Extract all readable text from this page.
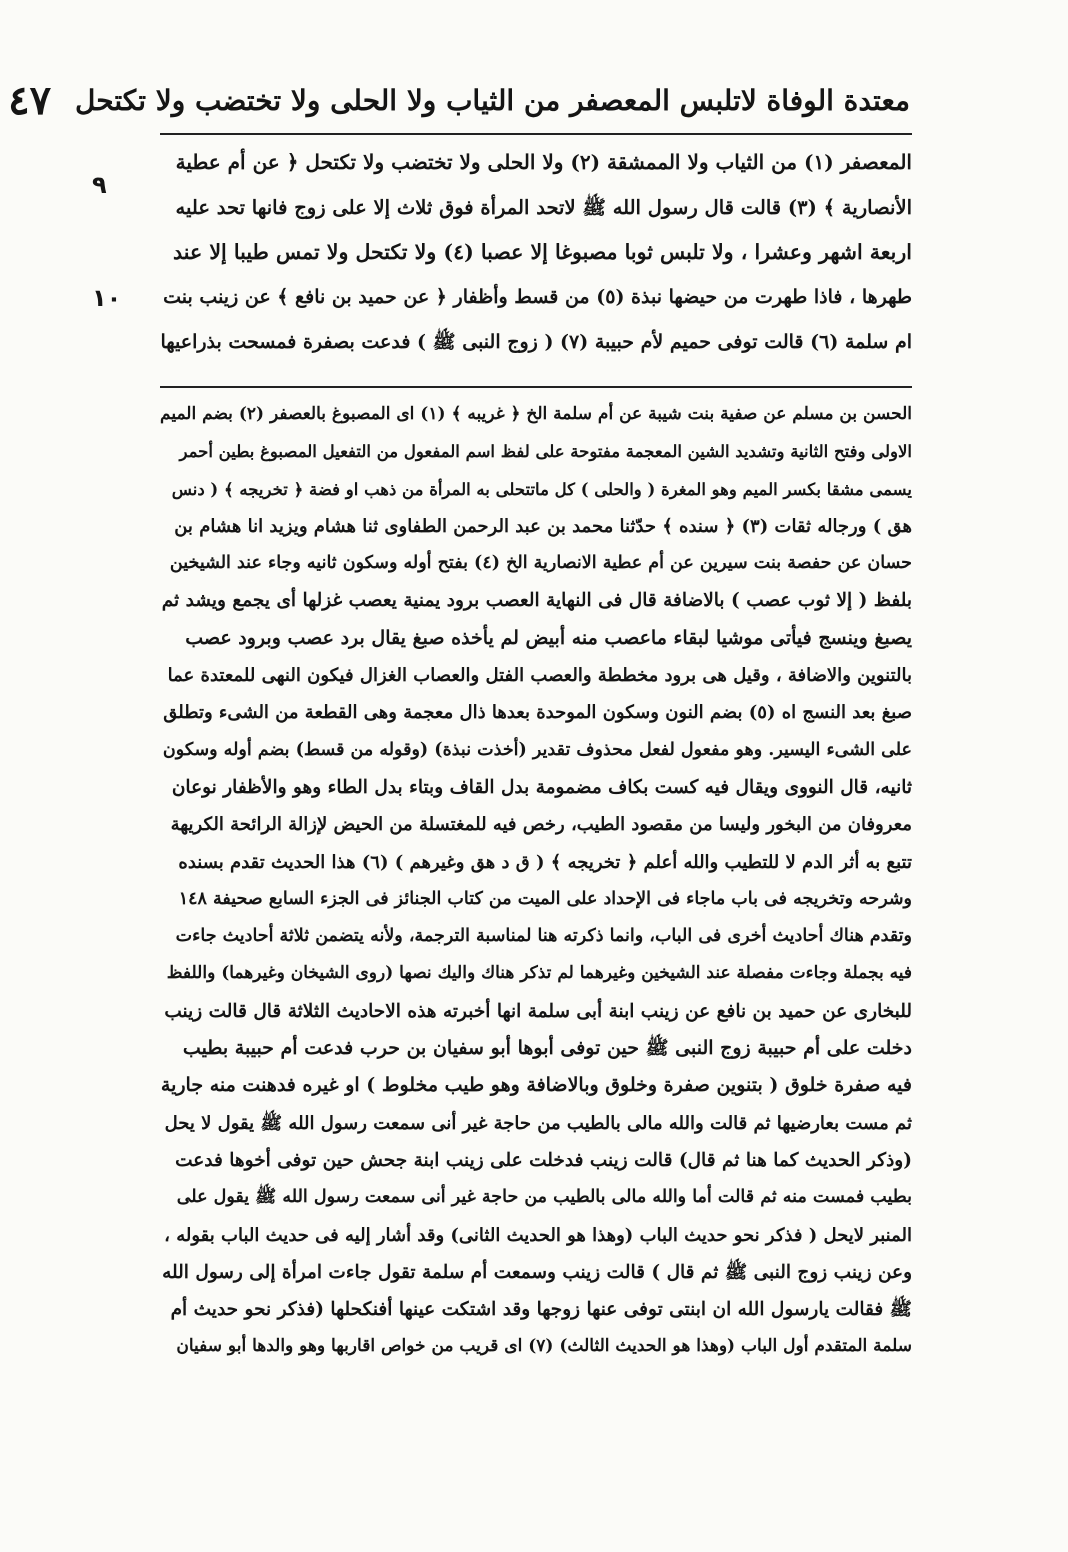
معتدة الوفاة لاتلبس المعصفر من الثياب ولا الحلى ولا تختضب ولا تكتحل
٤٧
٩
١٠
المعصفر (١) من الثياب ولا الممشقة (٢) ولا الحلى ولا تختضب ولا تكتحل ﴿ عن أم عطية
الأنصارية ﴾ (٣) قالت قال رسول الله ﷺ لاتحد المرأة فوق ثلاث إلا على زوج فانها تحد عليه
اربعة اشهر وعشرا ، ولا تلبس ثوبا مصبوغا إلا عصبا (٤) ولا تكتحل ولا تمس طيبا إلا عند
طهرها ، فاذا طهرت من حيضها نبذة (٥) من قسط وأظفار ﴿ عن حميد بن نافع ﴾ عن زينب بنت
ام سلمة (٦) قالت توفى حميم لأم حبيبة (٧) ( زوج النبى ﷺ ) فدعت بصفرة فمسحت بذراعيها
الحسن بن مسلم عن صفية بنت شيبة عن أم سلمة الخ ﴿ غريبه ﴾ (١) اى المصبوغ بالعصفر (٢) بضم الميم
الاولى وفتح الثانية وتشديد الشين المعجمة مفتوحة على لفظ اسم المفعول من التفعيل المصبوغ بطين أحمر
يسمى مشقا بكسر الميم وهو المغرة ( والحلى ) كل ماتتحلى به المرأة من ذهب او فضة ﴿ تخريجه ﴾ ( دنس
هق ) ورجاله ثقات (٣) ﴿ سنده ﴾ حدّثنا محمد بن عبد الرحمن الطفاوى ثنا هشام ويزيد انا هشام بن
حسان عن حفصة بنت سيرين عن أم عطية الانصارية الخ (٤) بفتح أوله وسكون ثانيه وجاء عند الشيخين
بلفظ ( إلا ثوب عصب ) بالاضافة قال فى النهاية العصب برود يمنية يعصب غزلها أى يجمع ويشد ثم
يصبغ وينسج فيأتى موشيا لبقاء ماعصب منه أبيض لم يأخذه صبغ يقال برد عصب وبرود عصب
بالتنوين والاضافة ، وقيل هى برود مخططة والعصب الفتل والعصاب الغزال فيكون النهى للمعتدة عما
صبغ بعد النسج اه (٥) بضم النون وسكون الموحدة بعدها ذال معجمة وهى القطعة من الشىء وتطلق
على الشىء اليسير. وهو مفعول لفعل محذوف تقدير (أخذت نبذة) (وقوله من قسط) بضم أوله وسكون
ثانيه، قال النووى ويقال فيه كست بكاف مضمومة بدل القاف وبتاء بدل الطاء وهو والأظفار نوعان
معروفان من البخور وليسا من مقصود الطيب، رخص فيه للمغتسلة من الحيض لإزالة الرائحة الكريهة
تتبع به أثر الدم لا للتطيب والله أعلم ﴿ تخريجه ﴾ ( ق د هق وغيرهم ) (٦) هذا الحديث تقدم بسنده
وشرحه وتخريجه فى باب ماجاء فى الإحداد على الميت من كتاب الجنائز فى الجزء السابع صحيفة ١٤٨
وتقدم هناك أحاديث أخرى فى الباب، وانما ذكرته هنا لمناسبة الترجمة، ولأنه يتضمن ثلاثة أحاديث جاءت
فيه بجملة وجاءت مفصلة عند الشيخين وغيرهما لم تذكر هناك واليك نصها (روى الشيخان وغيرهما) واللفظ
للبخارى عن حميد بن نافع عن زينب ابنة أبى سلمة انها أخبرته هذه الاحاديث الثلاثة قال قالت زينب
دخلت على أم حبيبة زوج النبى ﷺ حين توفى أبوها أبو سفيان بن حرب فدعت أم حبيبة بطيب
فيه صفرة خلوق ( بتنوين صفرة وخلوق وبالاضافة وهو طيب مخلوط ) او غيره فدهنت منه جارية
ثم مست بعارضيها ثم قالت والله مالى بالطيب من حاجة غير أنى سمعت رسول الله ﷺ يقول لا يحل
(وذكر الحديث كما هنا ثم قال) قالت زينب فدخلت على زينب ابنة جحش حين توفى أخوها فدعت
بطيب فمست منه ثم قالت أما والله مالى بالطيب من حاجة غير أنى سمعت رسول الله ﷺ يقول على
المنبر لايحل ( فذكر نحو حديث الباب (وهذا هو الحديث الثانى) وقد أشار إليه فى حديث الباب بقوله ،
وعن زينب زوج النبى ﷺ ثم قال ) قالت زينب وسمعت أم سلمة تقول جاءت امرأة إلى رسول الله
ﷺ فقالت يارسول الله ان ابنتى توفى عنها زوجها وقد اشتكت عينها أفنكحلها (فذكر نحو حديث أم
سلمة المتقدم أول الباب (وهذا هو الحديث الثالث) (٧) اى قريب من خواص اقاربها وهو والدها أبو سفيان
